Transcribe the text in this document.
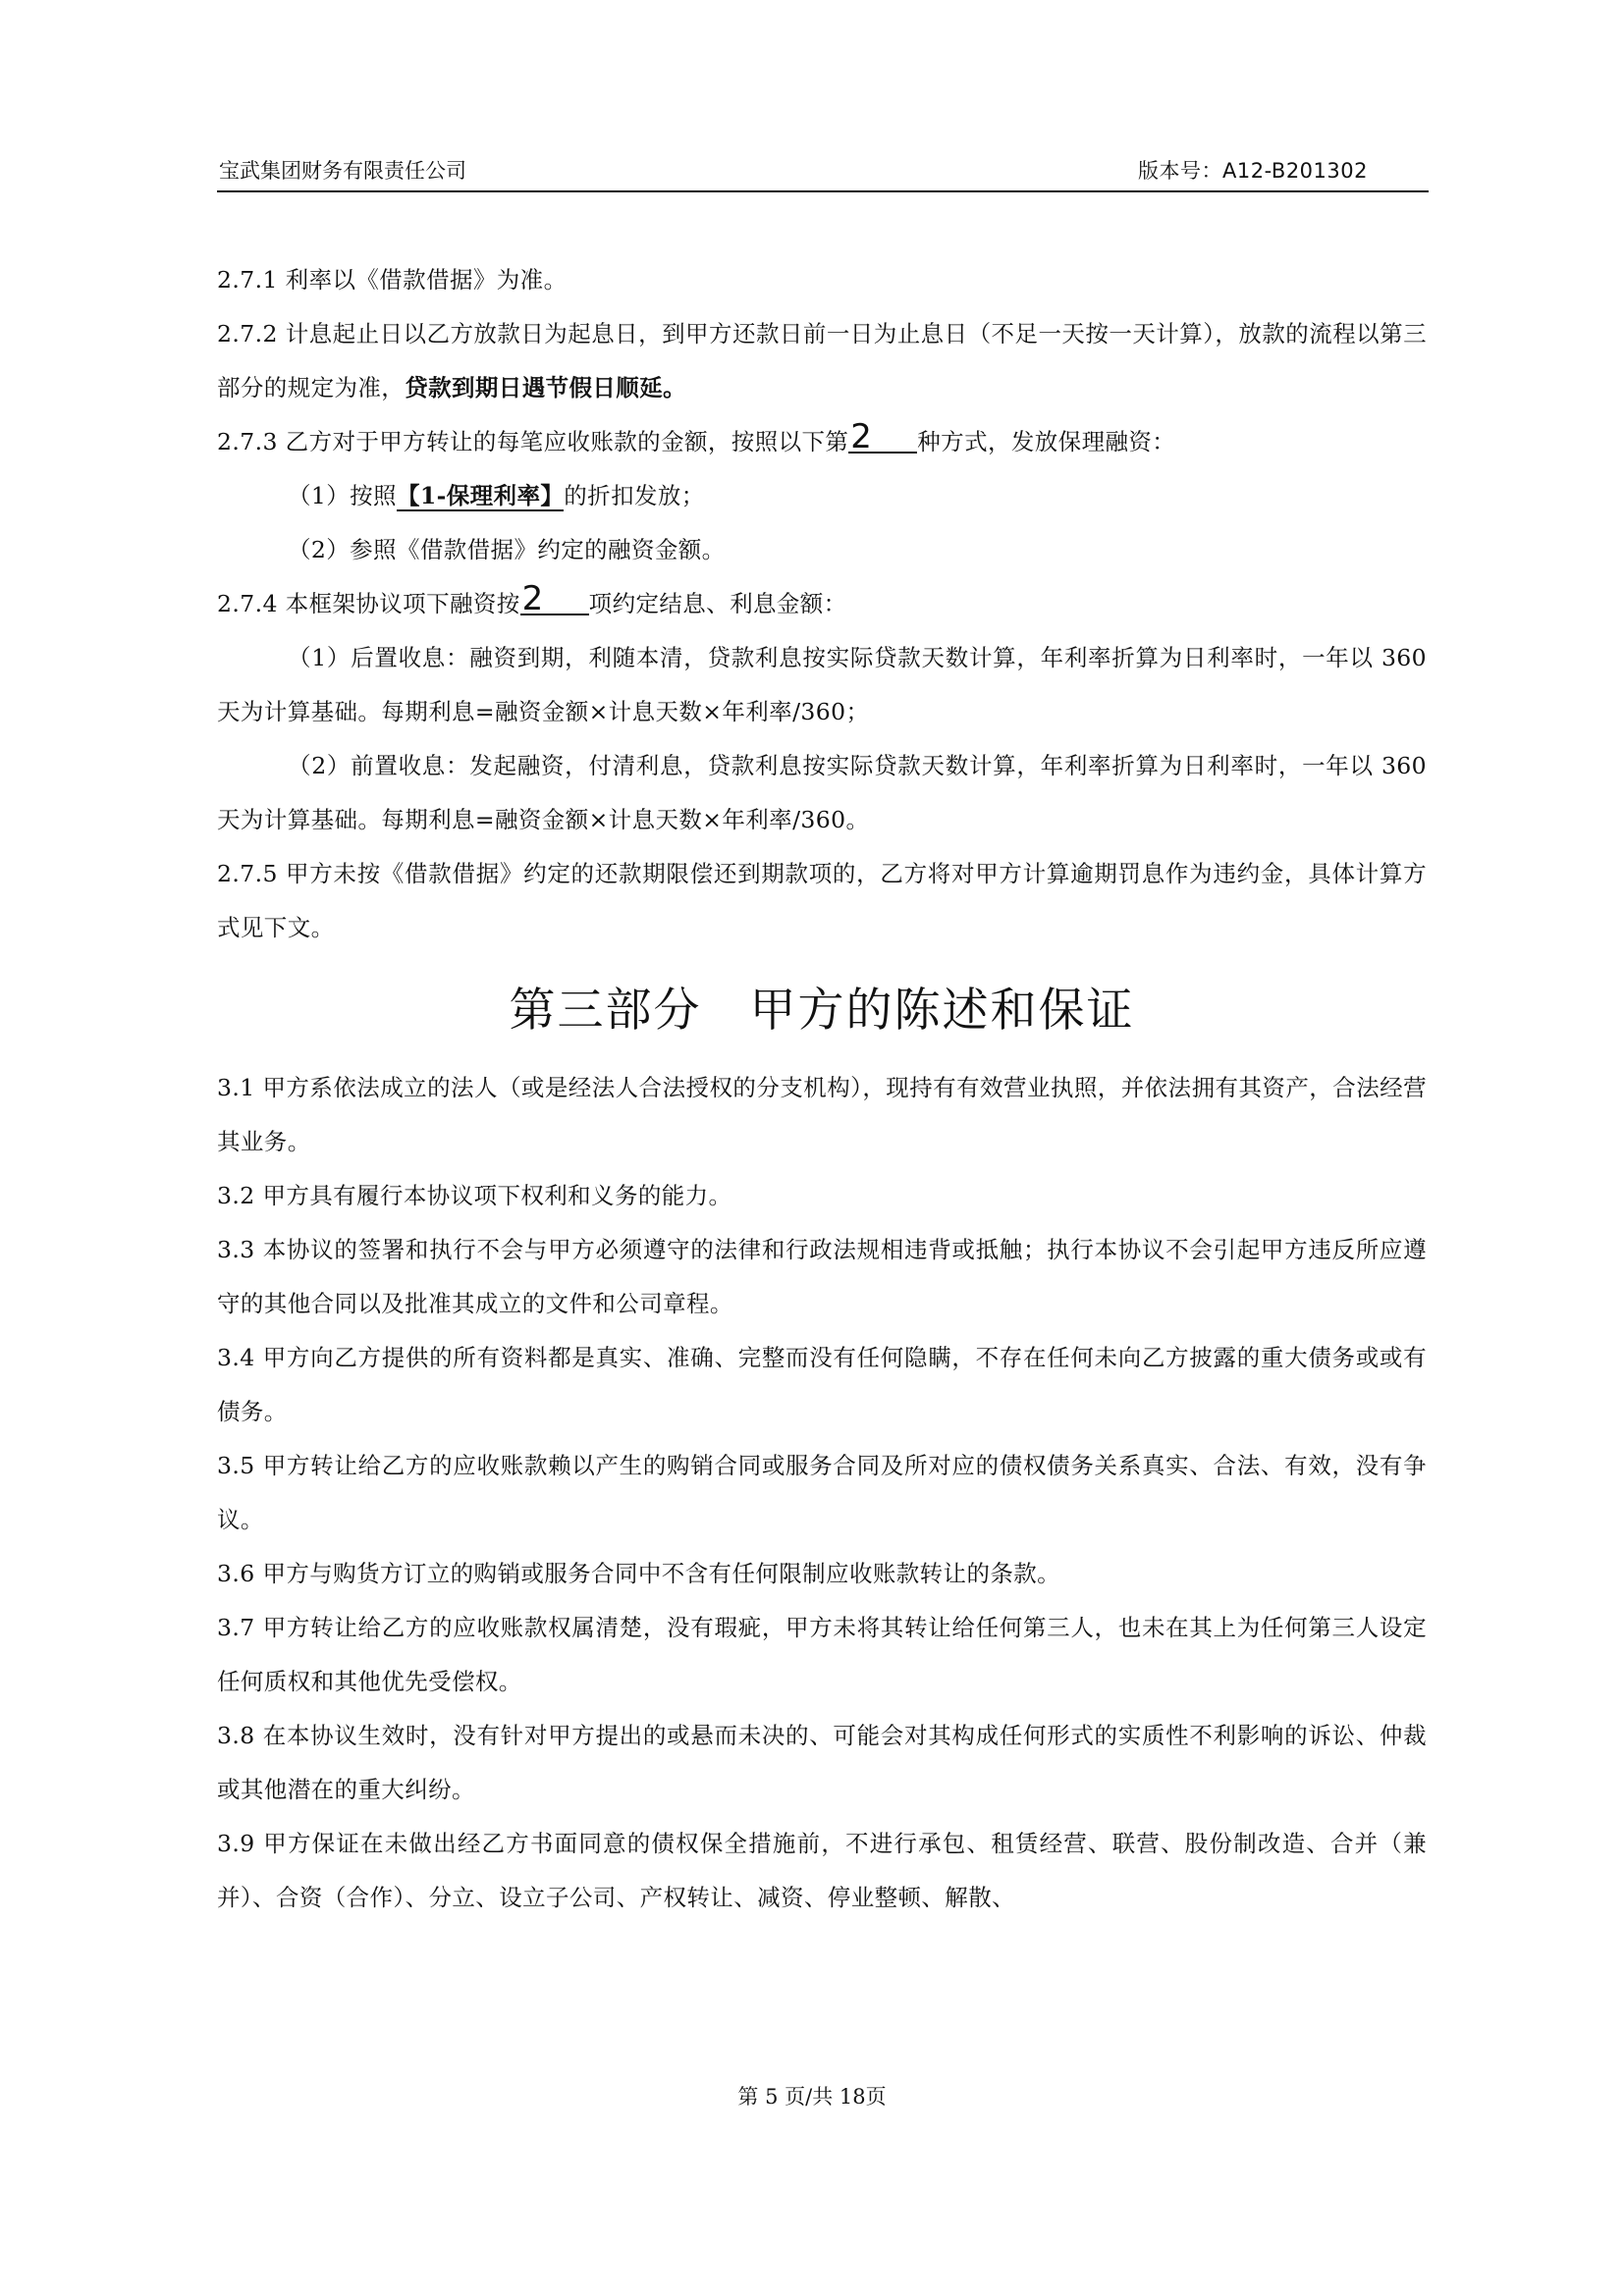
宝武集团财务有限责任公司	版本号：A12-B201302

2.7.1 利率以《借款借据》为准。

2.7.2 计息起止日以乙方放款日为起息日，到甲方还款日前一日为止息日（不足一天按一天计算），放款的流程以第三部分的规定为准，贷款到期日遇节假日顺延。

2.7.3 乙方对于甲方转让的每笔应收账款的金额，按照以下第2 种方式，发放保理融资：

（1）按照【1-保理利率】的折扣发放；

（2）参照《借款借据》约定的融资金额。

2.7.4 本框架协议项下融资按2 项约定结息、利息金额：

（1）后置收息：融资到期，利随本清，贷款利息按实际贷款天数计算，年利率折算为日利率时，一年以 360 天为计算基础。每期利息=融资金额×计息天数×年利率/360；

（2）前置收息：发起融资，付清利息，贷款利息按实际贷款天数计算，年利率折算为日利率时，一年以 360 天为计算基础。每期利息=融资金额×计息天数×年利率/360。

2.7.5 甲方未按《借款借据》约定的还款期限偿还到期款项的，乙方将对甲方计算逾期罚息作为违约金，具体计算方式见下文。

第三部分　甲方的陈述和保证

3.1 甲方系依法成立的法人（或是经法人合法授权的分支机构），现持有有效营业执照，并依法拥有其资产，合法经营其业务。

3.2 甲方具有履行本协议项下权利和义务的能力。

3.3 本协议的签署和执行不会与甲方必须遵守的法律和行政法规相违背或抵触；执行本协议不会引起甲方违反所应遵守的其他合同以及批准其成立的文件和公司章程。

3.4 甲方向乙方提供的所有资料都是真实、准确、完整而没有任何隐瞒，不存在任何未向乙方披露的重大债务或或有债务。

3.5 甲方转让给乙方的应收账款赖以产生的购销合同或服务合同及所对应的债权债务关系真实、合法、有效，没有争议。

3.6 甲方与购货方订立的购销或服务合同中不含有任何限制应收账款转让的条款。

3.7 甲方转让给乙方的应收账款权属清楚，没有瑕疵，甲方未将其转让给任何第三人，也未在其上为任何第三人设定任何质权和其他优先受偿权。

3.8 在本协议生效时，没有针对甲方提出的或悬而未决的、可能会对其构成任何形式的实质性不利影响的诉讼、仲裁或其他潜在的重大纠纷。

3.9 甲方保证在未做出经乙方书面同意的债权保全措施前，不进行承包、租赁经营、联营、股份制改造、合并（兼并）、合资（合作）、分立、设立子公司、产权转让、减资、停业整顿、解散、

第 5 页/共 18页
